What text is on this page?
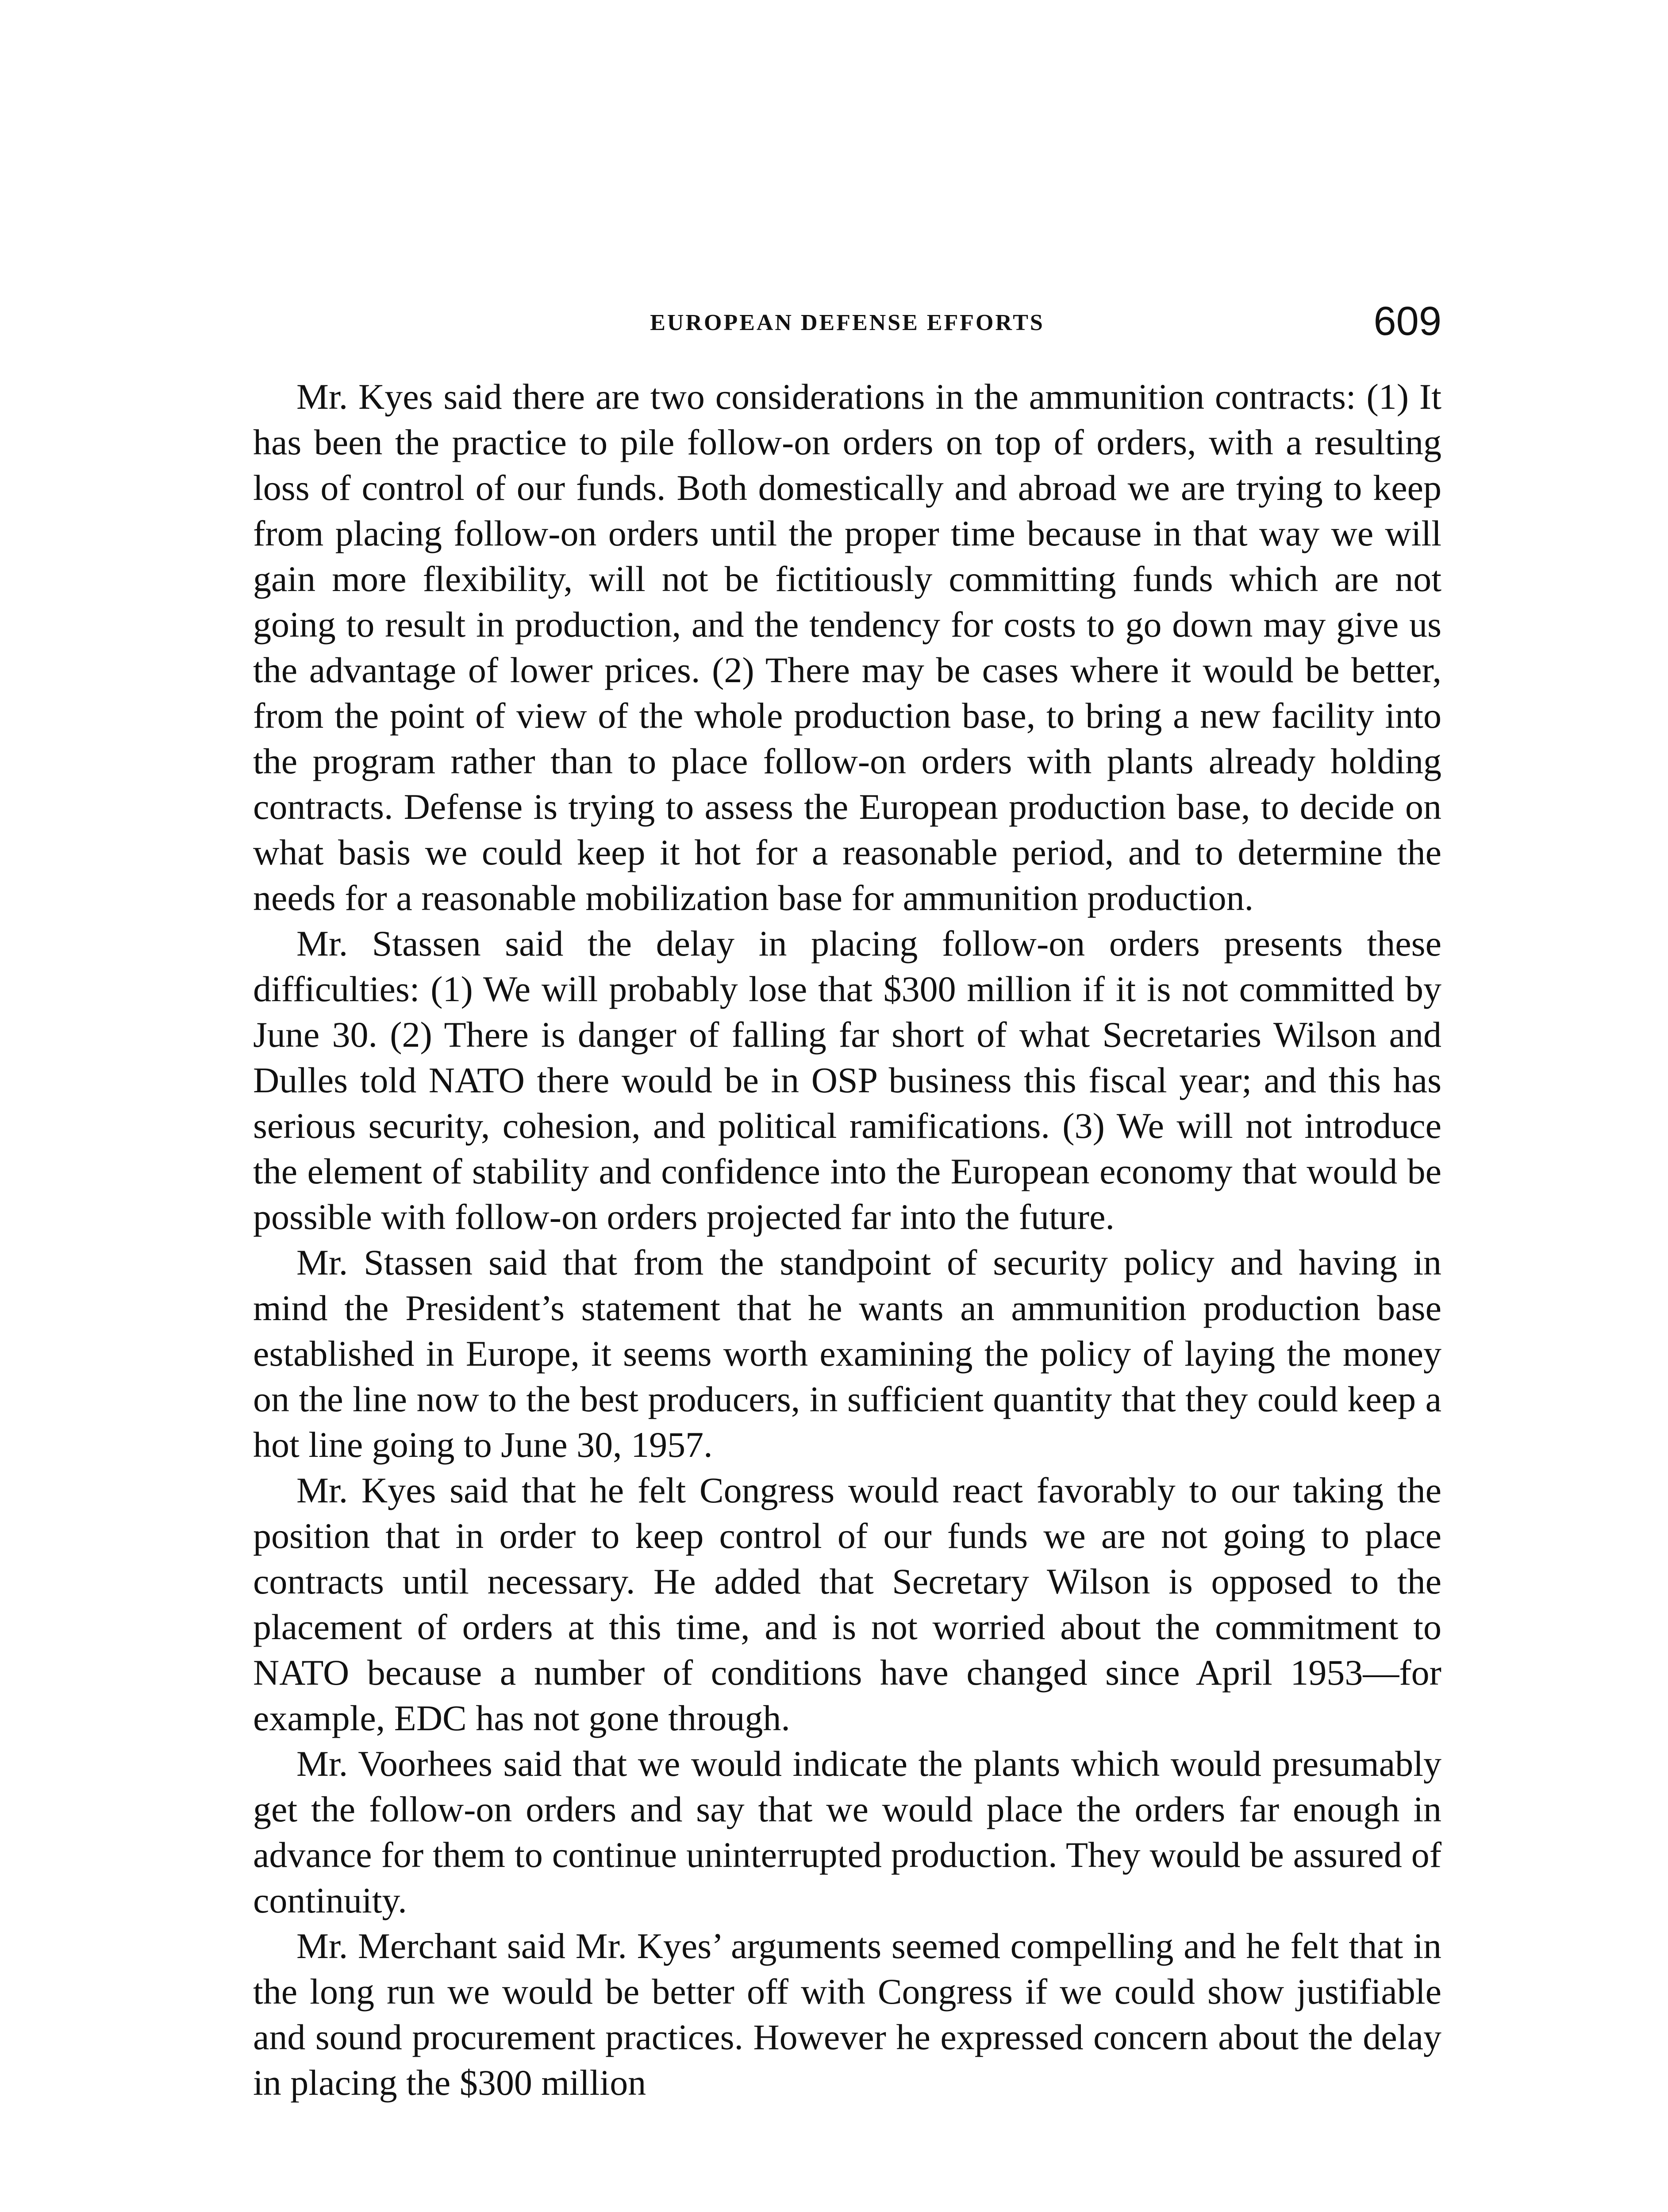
EUROPEAN DEFENSE EFFORTS	609

Mr. Kyes said there are two considerations in the ammunition contracts: (1) It has been the practice to pile follow-on orders on top of orders, with a resulting loss of control of our funds. Both domestically and abroad we are trying to keep from placing follow-on orders until the proper time because in that way we will gain more flexibility, will not be fictitiously committing funds which are not going to result in production, and the tendency for costs to go down may give us the advantage of lower prices. (2) There may be cases where it would be better, from the point of view of the whole production base, to bring a new facility into the program rather than to place follow-on orders with plants already holding contracts. Defense is trying to assess the European production base, to decide on what basis we could keep it hot for a reasonable period, and to determine the needs for a reasonable mobilization base for ammunition production.

Mr. Stassen said the delay in placing follow-on orders presents these difficulties: (1) We will probably lose that $300 million if it is not committed by June 30. (2) There is danger of falling far short of what Secretaries Wilson and Dulles told NATO there would be in OSP business this fiscal year; and this has serious security, cohesion, and political ramifications. (3) We will not introduce the element of stability and confidence into the European economy that would be possible with follow-on orders projected far into the future.

Mr. Stassen said that from the standpoint of security policy and having in mind the President’s statement that he wants an ammunition production base established in Europe, it seems worth examining the policy of laying the money on the line now to the best producers, in sufficient quantity that they could keep a hot line going to June 30, 1957.

Mr. Kyes said that he felt Congress would react favorably to our taking the position that in order to keep control of our funds we are not going to place contracts until necessary. He added that Secretary Wilson is opposed to the placement of orders at this time, and is not worried about the commitment to NATO because a number of conditions have changed since April 1953—for example, EDC has not gone through.

Mr. Voorhees said that we would indicate the plants which would presumably get the follow-on orders and say that we would place the orders far enough in advance for them to continue uninterrupted production. They would be assured of continuity.

Mr. Merchant said Mr. Kyes’ arguments seemed compelling and he felt that in the long run we would be better off with Congress if we could show justifiable and sound procurement practices. However he expressed concern about the delay in placing the $300 million
